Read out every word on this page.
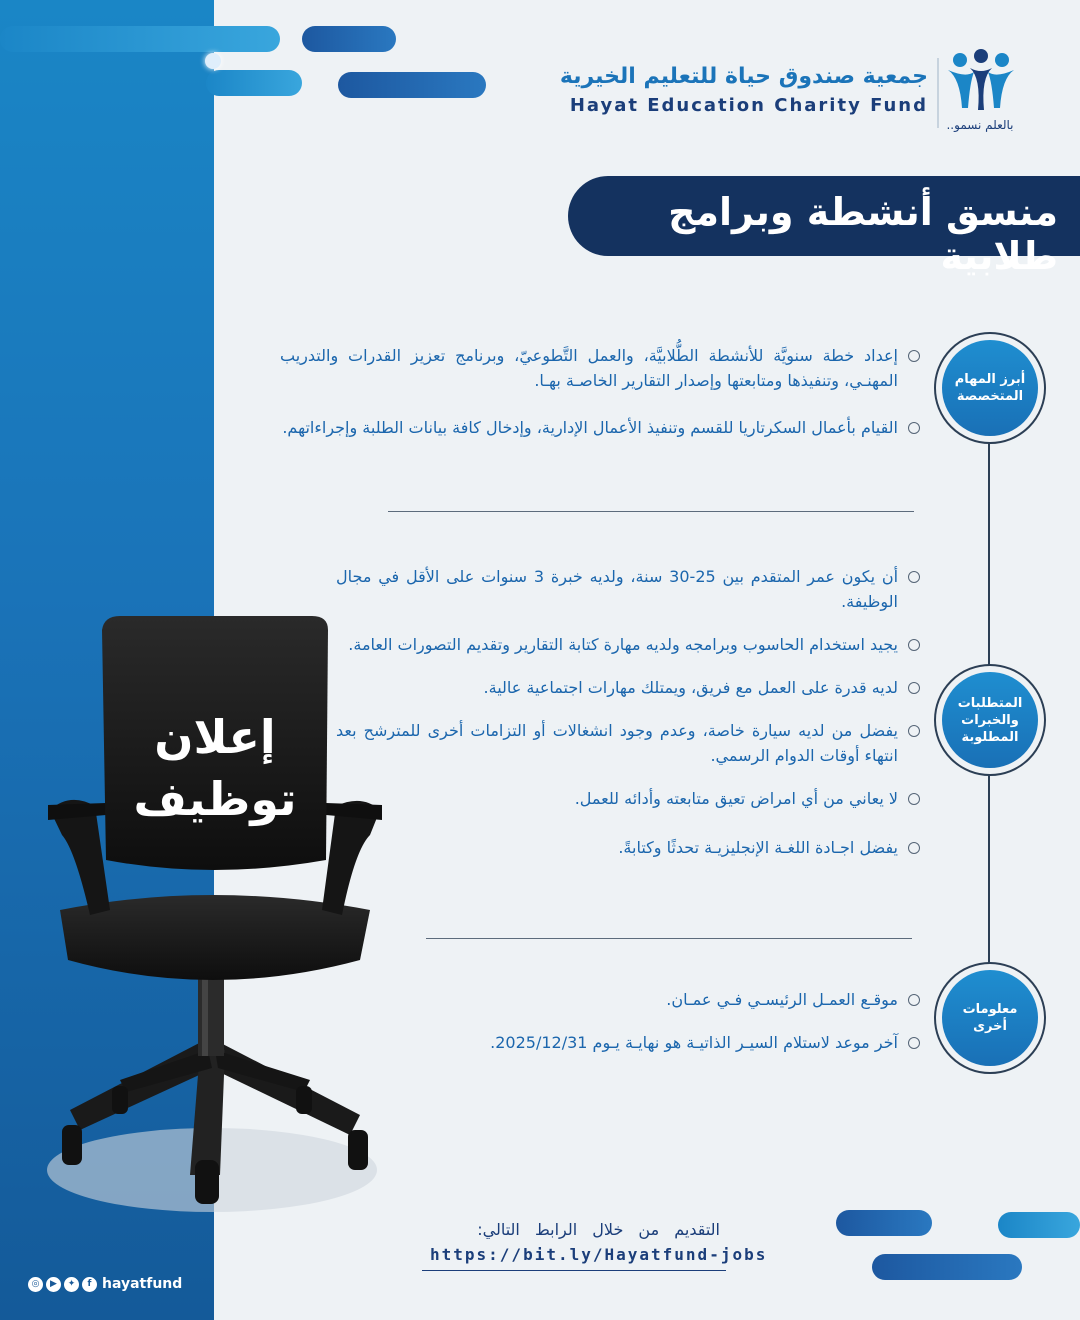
جمعية صندوق حياة للتعليم الخيرية
Hayat Education Charity Fund
بالعلم نسمو..
منسق أنشطة وبرامج طلابية
أبرز المهام المتخصصة
المتطلبات والخبرات المطلوبة
معلومات أخرى
إعداد خطة سنويَّة للأنشطة الطُّلابيَّة، والعمل التَّطوعيّ، وبرنامج تعزيز القدرات والتدريب المهنـي، وتنفيذها ومتابعتها وإصدار التقارير الخاصـة بهـا.
القيام بأعمال السكرتاريا للقسم وتنفيذ الأعمال الإدارية، وإدخال كافة بيانات الطلبة وإجراءاتهم.
أن يكون عمر المتقدم بين 25-30 سنة، ولديه خبرة 3 سنوات على الأقل في مجال الوظيفة.
يجيد استخدام الحاسوب وبرامجه ولديه مهارة كتابة التقارير وتقديم التصورات العامة.
لديه قدرة على العمل مع فريق، ويمتلك مهارات اجتماعية عالية.
يفضل من لديه سيارة خاصة، وعدم وجود انشغالات أو التزامات أخرى للمترشح بعد انتهاء أوقات الدوام الرسمي.
لا يعاني من أي امراض تعيق متابعته وأدائه للعمل.
يفضل اجـادة اللغـة الإنجليزيـة تحدثًا وكتابةً.
موقـع العمـل الرئيسـي فـي عمـان.
آخر موعد لاستلام السيـر الذاتيـة هو نهايـة يـوم 2025/12/31.
إعلان
توظيف
التقديم من خلال الرابط التالي:
https://bit.ly/Hayatfund-jobs
◎	▶	✦	f hayatfund
